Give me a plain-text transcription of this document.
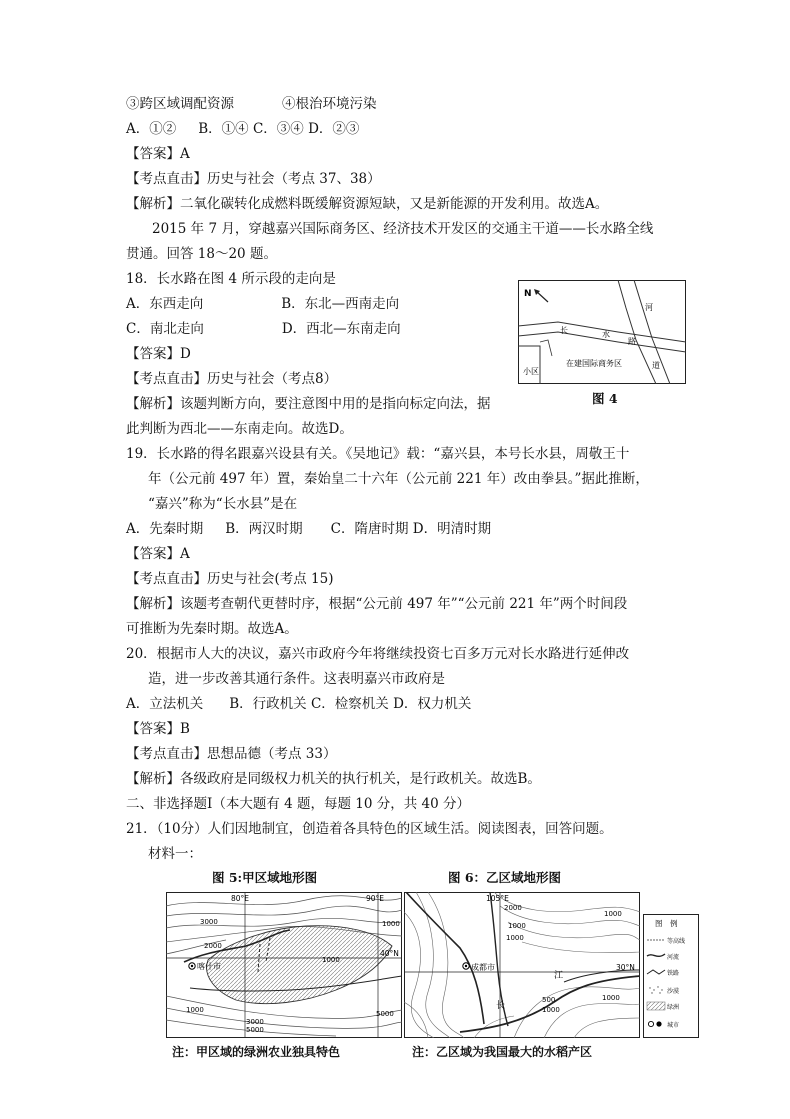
③跨区域调配资源	④根治环境污染
A．①② B．①④ C．③④ D．②③
【答案】A
【考点直击】历史与社会（考点 37、38）
【解析】二氧化碳转化成燃料既缓解资源短缺，又是新能源的开发利用。故选A。
2015 年 7 月，穿越嘉兴国际商务区、经济技术开发区的交通主干道——长水路全线
贯通。回答 18～20 题。
18．长水路在图 4 所示段的走向是
A．东西走向	B．东北—西南走向
C．南北走向	D．西北—东南走向
【答案】D
【考点直击】历史与社会（考点8）
【解析】该题判断方向，要注意图中用的是指向标定向法，据
此判断为西北——东南走向。故选D。
19．长水路的得名跟嘉兴设县有关。《吴地记》载：“嘉兴县，本号长水县，周敬王十
年（公元前 497 年）置，秦始皇二十六年（公元前 221 年）改由拳县。”据此推断，
“嘉兴”称为“长水县”是在
A．先秦时期 B．两汉时期 C．隋唐时期 D．明清时期
【答案】A
【考点直击】历史与社会(考点 15)
【解析】该题考查朝代更替时序，根据“公元前 497 年”“公元前 221 年”两个时间段
可推断为先秦时期。故选A。
20．根据市人大的决议，嘉兴市政府今年将继续投资七百多万元对长水路进行延伸改
造，进一步改善其通行条件。这表明嘉兴市政府是
A．立法机关 B．行政机关 C．检察机关 D．权力机关
【答案】B
【考点直击】思想品德（考点 33）
【解析】各级政府是同级权力机关的执行机关，是行政机关。故选B。
二、非选择题Ⅰ（本大题有 4 题，每题 10 分，共 40 分）
21．（10分）人们因地制宜，创造着各具特色的区域生活。阅读图表，回答问题。
材料一：
N
河
长	水
路
道
小区
在建国际商务区
图 4
图 5:甲区域地形图	图 6：乙区域地形图
80°E	90°E
40°N
喀什市
3000
2000
1000
1000
3000
5000
1000	5000
105°E
30°N
成都市
江
长
2000
1000
1000
500
1000
1000
1000
图　例
等高线
河流
铁路
沙漠
绿洲
城市
注：甲区域的绿洲农业独具特色	注：乙区域为我国最大的水稻产区
